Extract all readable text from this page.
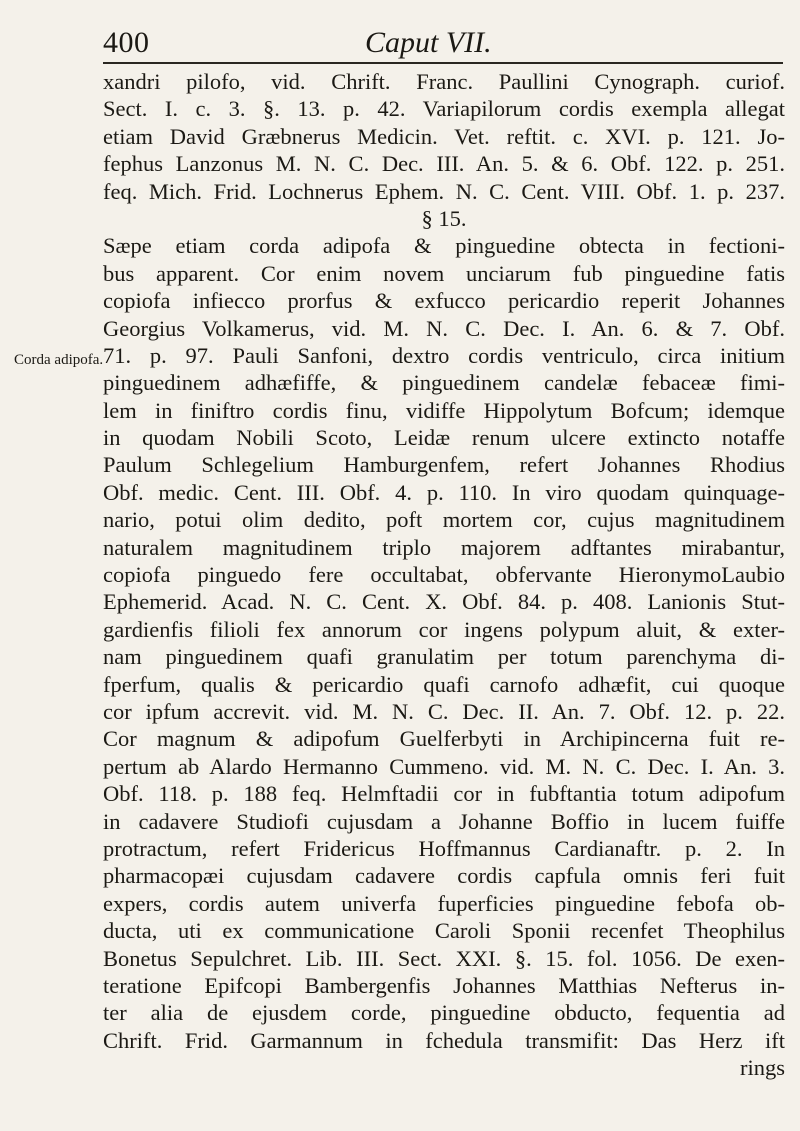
400	Caput VII.
Corda adipofa.
xandri pilofo, vid. Chrift. Franc. Paullini Cynograph. curiof.
Sect. I. c. 3. §. 13. p. 42. Variapilorum cordis exempla allegat
etiam David Græbnerus Medicin. Vet. reftit. c. XVI. p. 121. Jo-
fephus Lanzonus M. N. C. Dec. III. An. 5. & 6. Obf. 122. p. 251.
feq. Mich. Frid. Lochnerus Ephem. N. C. Cent. VIII. Obf. 1. p. 237.
§ 15.
Sæpe etiam corda adipofa & pinguedine obtecta in fectioni-
bus apparent. Cor enim novem unciarum fub pinguedine fatis
copiofa infiecco prorfus & exfucco pericardio reperit Johannes
Georgius Volkamerus, vid. M. N. C. Dec. I. An. 6. & 7. Obf.
71. p. 97. Pauli Sanfoni, dextro cordis ventriculo, circa initium
pinguedinem adhæfiffe, & pinguedinem candelæ febaceæ fimi-
lem in finiftro cordis finu, vidiffe Hippolytum Bofcum; idemque
in quodam Nobili Scoto, Leidæ renum ulcere extincto notaffe
Paulum Schlegelium Hamburgenfem, refert Johannes Rhodius
Obf. medic. Cent. III. Obf. 4. p. 110. In viro quodam quinquage-
nario, potui olim dedito, poft mortem cor, cujus magnitudinem
naturalem magnitudinem triplo majorem adftantes mirabantur,
copiofa pinguedo fere occultabat, obfervante HieronymoLaubio
Ephemerid. Acad. N. C. Cent. X. Obf. 84. p. 408. Lanionis Stut-
gardienfis filioli fex annorum cor ingens polypum aluit, & exter-
nam pinguedinem quafi granulatim per totum parenchyma di-
fperfum, qualis & pericardio quafi carnofo adhæfit, cui quoque
cor ipfum accrevit. vid. M. N. C. Dec. II. An. 7. Obf. 12. p. 22.
Cor magnum & adipofum Guelferbyti in Archipincerna fuit re-
pertum ab Alardo Hermanno Cummeno. vid. M. N. C. Dec. I. An. 3.
Obf. 118. p. 188 feq. Helmftadii cor in fubftantia totum adipofum
in cadavere Studiofi cujusdam a Johanne Boffio in lucem fuiffe
protractum, refert Fridericus Hoffmannus Cardianaftr. p. 2. In
pharmacopæi cujusdam cadavere cordis capfula omnis feri fuit
expers, cordis autem univerfa fuperficies pinguedine febofa ob-
ducta, uti ex communicatione Caroli Sponii recenfet Theophilus
Bonetus Sepulchret. Lib. III. Sect. XXI. §. 15. fol. 1056. De exen-
teratione Epifcopi Bambergenfis Johannes Matthias Nefterus in-
ter alia de ejusdem corde, pinguedine obducto, fequentia ad
Chrift. Frid. Garmannum in fchedula transmifit: Das Herz ift
rings
